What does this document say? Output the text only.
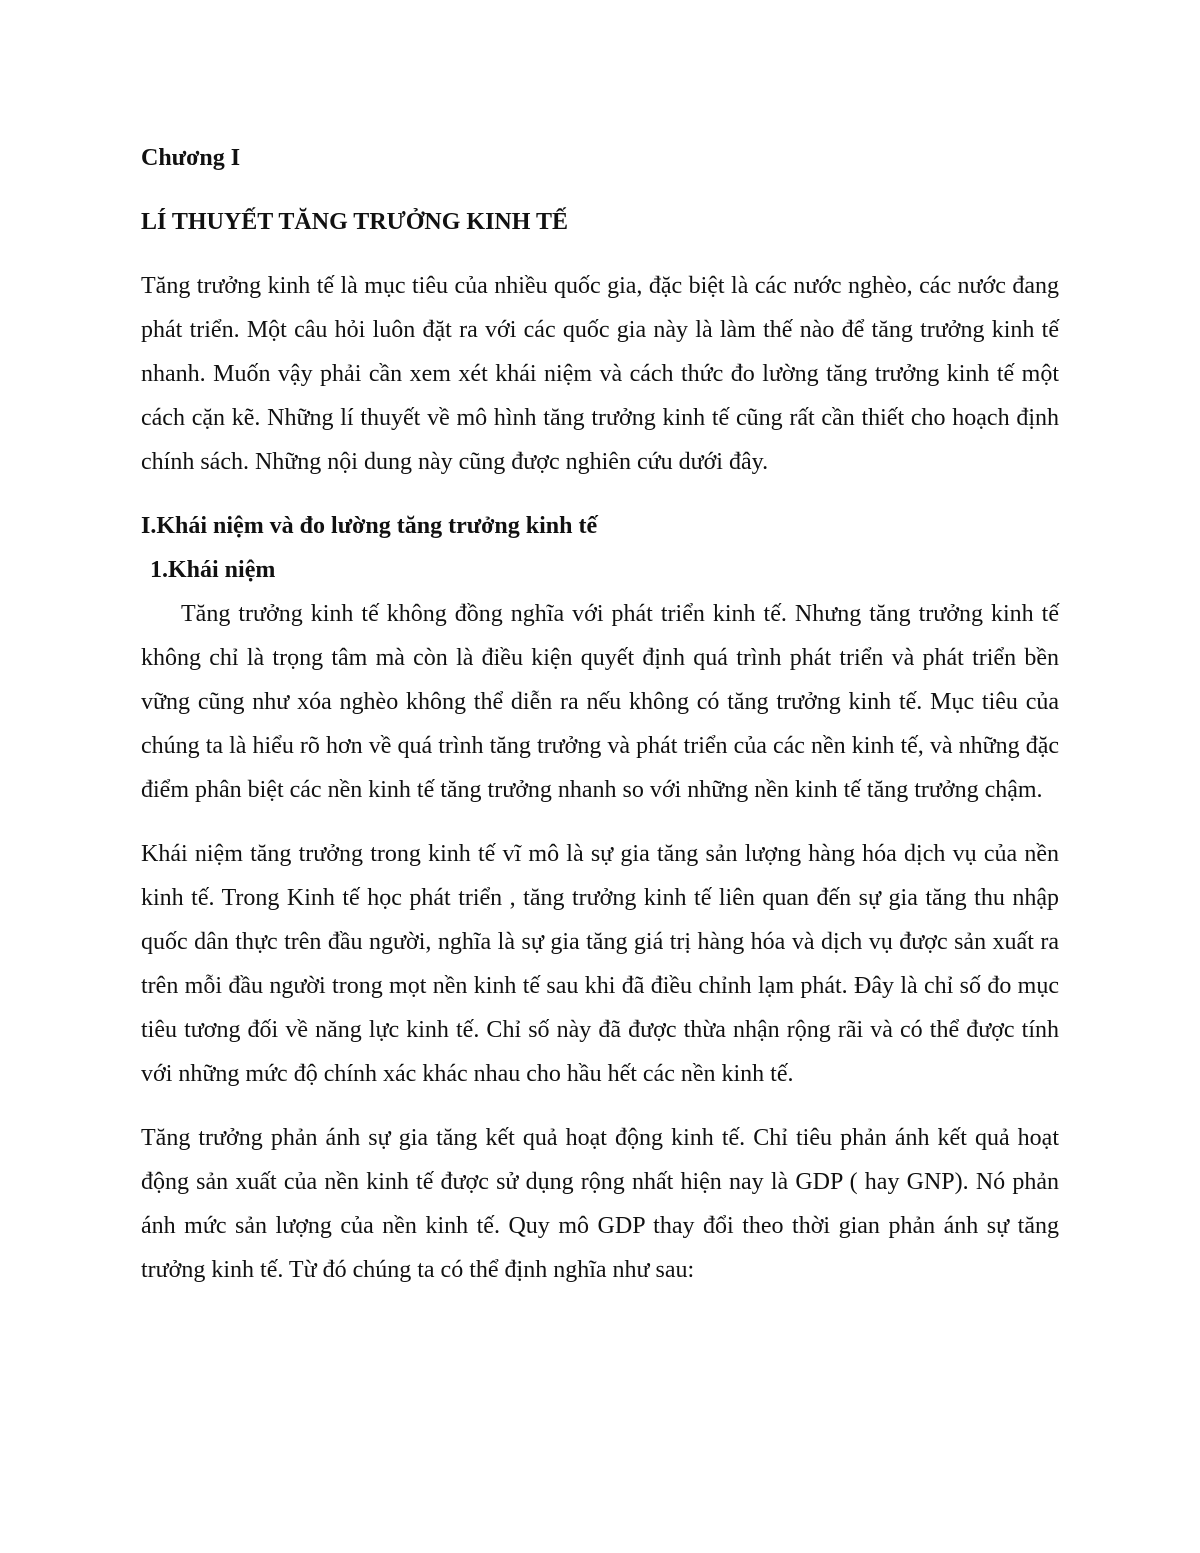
Chương I

LÍ THUYẾT TĂNG TRƯỞNG KINH TẾ

Tăng trưởng kinh tế là mục tiêu của nhiều quốc gia, đặc biệt là các nước nghèo, các nước đang phát triển. Một câu hỏi luôn đặt ra với các quốc gia này là làm thế nào để tăng trưởng kinh tế nhanh. Muốn vậy phải cần xem xét khái niệm và cách thức đo lường tăng trưởng kinh tế một cách cặn kẽ. Những lí thuyết về mô hình tăng trưởng kinh tế cũng rất cần thiết cho hoạch định chính sách. Những nội dung này cũng được nghiên cứu dưới đây.

I.Khái niệm và đo lường tăng trưởng kinh tế

1.Khái niệm

Tăng trưởng kinh tế không đồng nghĩa với phát triển kinh tế. Nhưng tăng trưởng kinh tế không chỉ là trọng tâm mà còn là điều kiện quyết định quá trình phát triển và phát triển bền vững cũng như xóa nghèo không thể diễn ra nếu không có tăng trưởng kinh tế. Mục tiêu của chúng ta là hiểu rõ hơn về quá trình tăng trưởng và phát triển của các nền kinh tế, và những đặc điểm phân biệt các nền kinh tế tăng trưởng nhanh so với những nền kinh tế tăng trưởng chậm.

Khái niệm tăng trưởng trong kinh tế vĩ mô là sự gia tăng sản lượng hàng hóa dịch vụ của nền kinh tế. Trong Kinh tế học phát triển , tăng trưởng kinh tế liên quan đến sự gia tăng thu nhập quốc dân thực trên đầu người, nghĩa là sự gia tăng giá trị hàng hóa và dịch vụ được sản xuất ra trên mỗi đầu người trong mọt nền kinh tế sau khi đã điều chỉnh lạm phát. Đây là chỉ số đo mục tiêu tương đối về năng lực kinh tế. Chỉ số này đã được thừa nhận rộng rãi và có thể được tính với những mức độ chính xác khác nhau cho hầu hết các nền kinh tế.

Tăng trưởng phản ánh sự gia tăng kết quả hoạt động kinh tế. Chỉ tiêu phản ánh kết quả hoạt động sản xuất của nền kinh tế được sử dụng rộng nhất hiện nay là GDP ( hay GNP). Nó phản ánh mức sản lượng của nền kinh tế. Quy mô GDP thay đổi theo thời gian phản ánh sự tăng trưởng kinh tế. Từ đó chúng ta có thể định nghĩa như sau:
